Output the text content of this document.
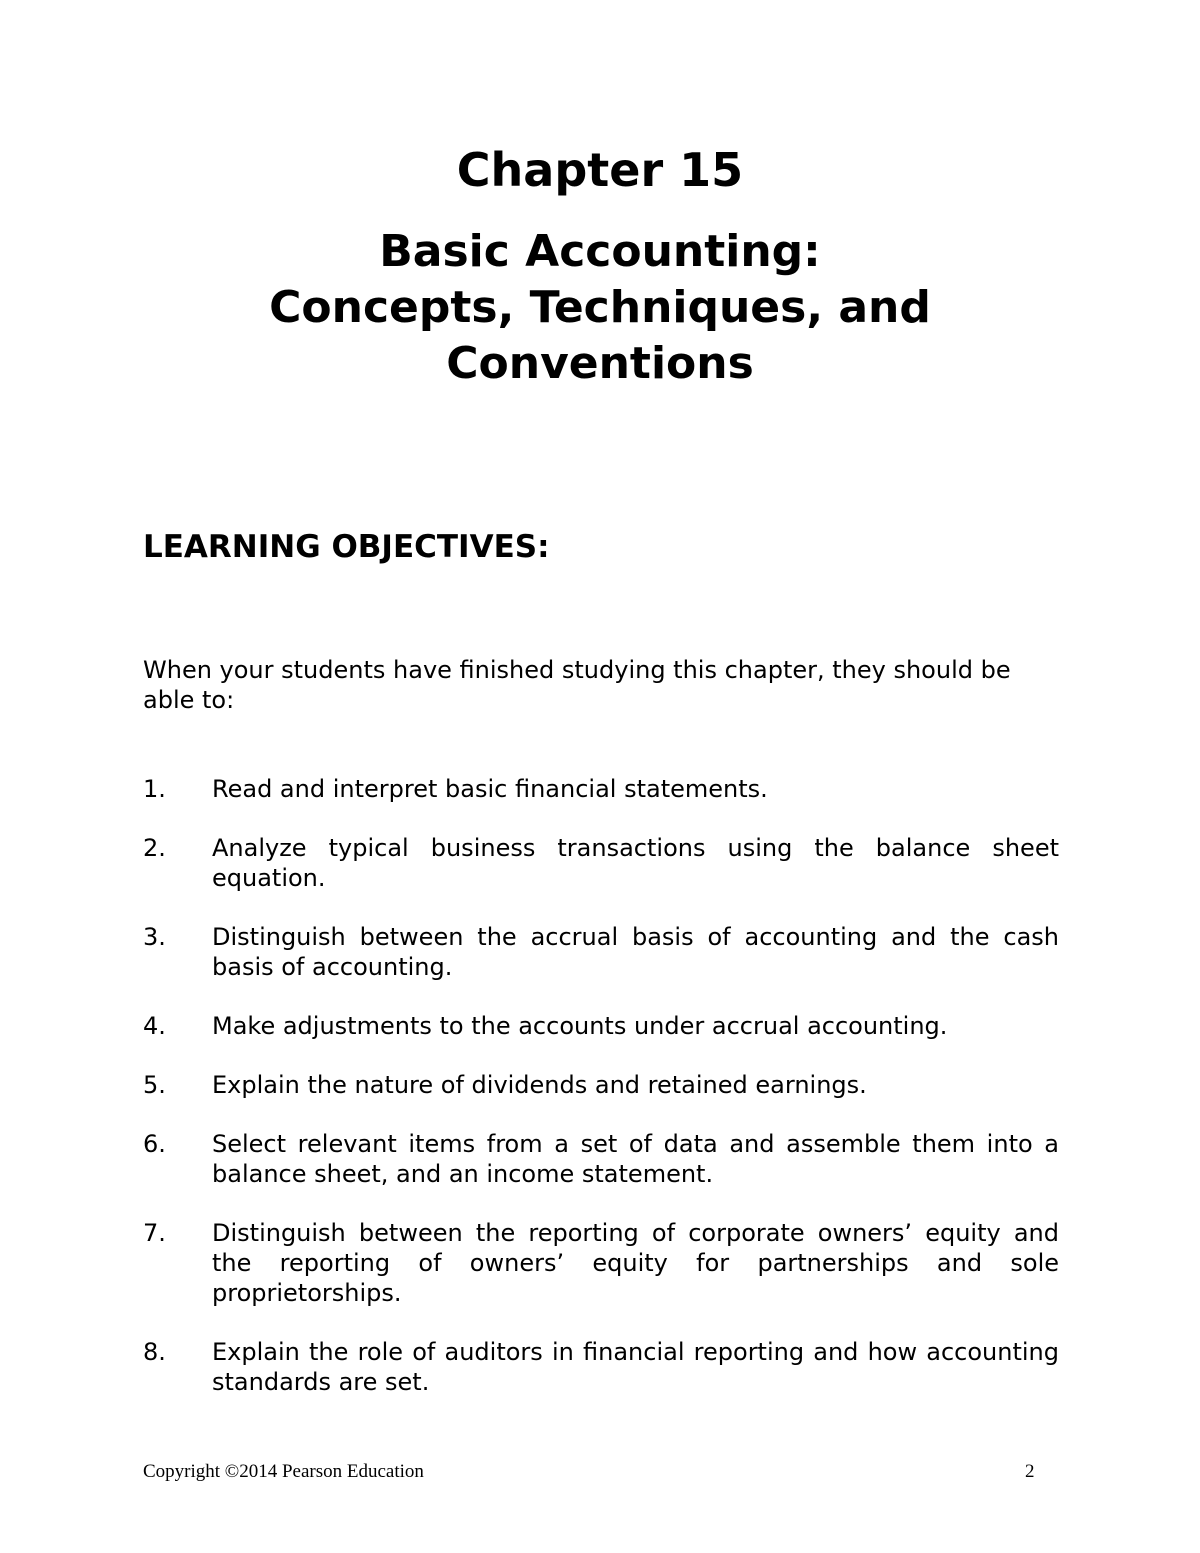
Chapter 15
Basic Accounting:
Concepts, Techniques, and
Conventions
LEARNING OBJECTIVES:
When your students have finished studying this chapter, they should be able to:
1.	Read and interpret basic financial statements.
2.	Analyze typical business transactions using the balance sheet equation.
3.	Distinguish between the accrual basis of accounting and the cash basis of accounting.
4.	Make adjustments to the accounts under accrual accounting.
5.	Explain the nature of dividends and retained earnings.
6.	Select relevant items from a set of data and assemble them into a balance sheet, and an income statement.
7.	Distinguish between the reporting of corporate owners’ equity and the reporting of owners’ equity for partnerships and sole proprietorships.
8.	Explain the role of auditors in financial reporting and how accounting standards are set.
Copyright ©2014 Pearson Education	2
